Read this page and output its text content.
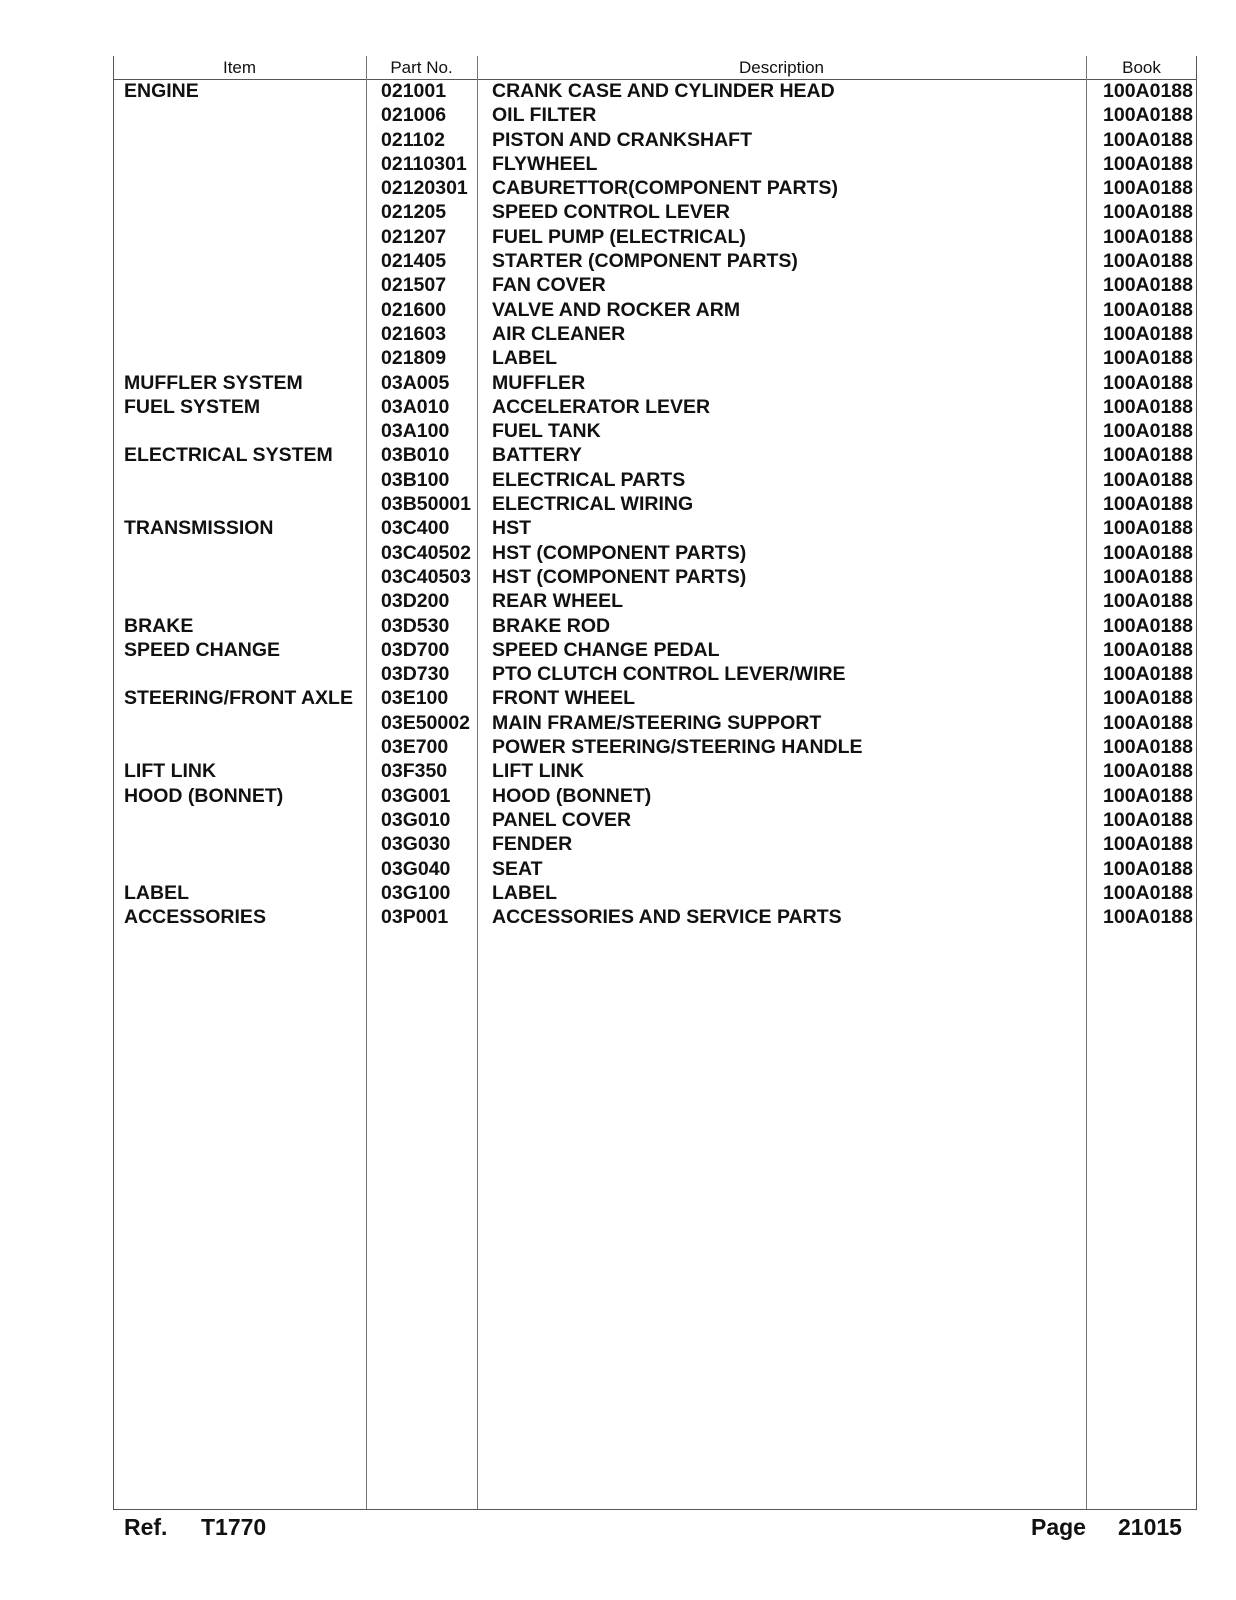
Item	Part No.	Description	Book
ENGINE	021001 CRANK CASE AND CYLINDER HEAD	100A0188
021006 OIL FILTER	100A0188
021102 PISTON AND CRANKSHAFT	100A0188
02110301 FLYWHEEL	100A0188
02120301 CABURETTOR(COMPONENT PARTS)	100A0188
021205 SPEED CONTROL LEVER	100A0188
021207 FUEL PUMP (ELECTRICAL)	100A0188
021405 STARTER (COMPONENT PARTS)	100A0188
021507 FAN COVER	100A0188
021600 VALVE AND ROCKER ARM	100A0188
021603 AIR CLEANER	100A0188
021809 LABEL	100A0188
MUFFLER SYSTEM	03A005 MUFFLER	100A0188
FUEL SYSTEM	03A010 ACCELERATOR LEVER	100A0188
03A100 FUEL TANK	100A0188
ELECTRICAL SYSTEM 03B010 BATTERY	100A0188
03B100 ELECTRICAL PARTS	100A0188
03B50001 ELECTRICAL WIRING	100A0188
TRANSMISSION	03C400 HST	100A0188
03C40502 HST (COMPONENT PARTS)	100A0188
03C40503 HST (COMPONENT PARTS)	100A0188
03D200 REAR WHEEL	100A0188
BRAKE	03D530 BRAKE ROD	100A0188
SPEED CHANGE	03D700 SPEED CHANGE PEDAL	100A0188
03D730 PTO CLUTCH CONTROL LEVER/WIRE	100A0188
STEERING/FRONT AXLE 03E100 FRONT WHEEL	100A0188
03E50002 MAIN FRAME/STEERING SUPPORT	100A0188
03E700 POWER STEERING/STEERING HANDLE	100A0188
LIFT LINK	03F350 LIFT LINK	100A0188
HOOD (BONNET)	03G001 HOOD (BONNET)	100A0188
03G010 PANEL COVER	100A0188
03G030 FENDER	100A0188
03G040 SEAT	100A0188
LABEL	03G100 LABEL	100A0188
ACCESSORIES	03P001 ACCESSORIES AND SERVICE PARTS	100A0188
Ref. T1770	Page 21015
